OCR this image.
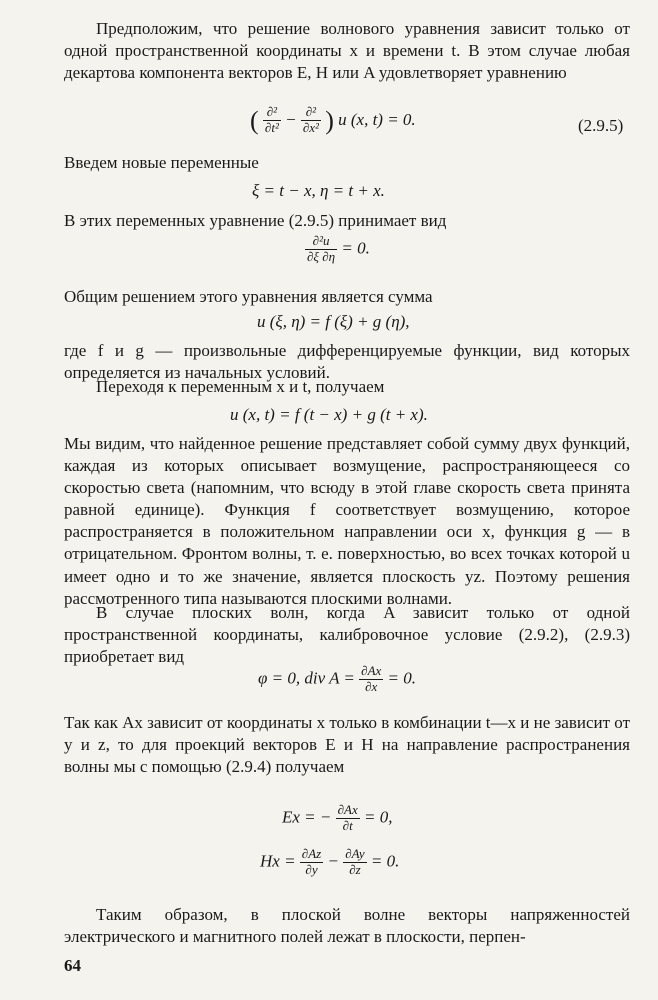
Предположим, что решение волнового уравнения зависит только от одной пространственной координаты x и времени t. В этом случае любая декартова компонента векторов E, H или A удовлетворяет уравнению
( $\frac{\text{∂²}}{\text{∂t²}} - \frac{\text{∂²}}{\text{∂x²}}$ ) u (x, t) = 0.	(2.9.5)
Введем новые переменные
ξ = t − x, η = t + x.
В этих переменных уравнение (2.9.5) принимает вид
$\frac{\text{∂²u}}{\partial\xi \partial\eta} = 0$.
Общим решением этого уравнения является сумма
u (ξ, η) = f (ξ) + g (η),
где f и g — произвольные дифференцируемые функции, вид которых определяется из начальных условий.
Переходя к переменным x и t, получаем
u (x, t) = f (t − x) + g (t + x).
Мы видим, что найденное решение представляет собой сумму двух функций, каждая из которых описывает возмущение, распространяющееся со скоростью света (напомним, что всюду в этой главе скорость света принята равной единице). Функция f соответствует возмущению, которое распространяется в положительном направлении оси x, функция g — в отрицательном. Фронтом волны, т. е. поверхностью, во всех точках которой u имеет одно и то же значение, является плоскость yz. Поэтому решения рассмотренного типа называются плоскими волнами.
В случае плоских волн, когда A зависит только от одной пространственной координаты, калибровочное условие (2.9.2), (2.9.3) приобретает вид
φ = 0, div $A = \frac{\partial Ax}{\partial x} = 0$.
Так как Ax зависит от координаты x только в комбинации t—x и не зависит от y и z, то для проекций векторов E и H на направление распространения волны мы с помощью (2.9.4) получаем
Ex = − $\frac{\partial Ax}{\partial t} = 0$,
$Hx = \frac{\partial Az}{\partial y} - \frac{\partial Ay}{\partial z} = 0$.
Таким образом, в плоской волне векторы напряженностей электрического и магнитного полей лежат в плоскости, перпен-
64
